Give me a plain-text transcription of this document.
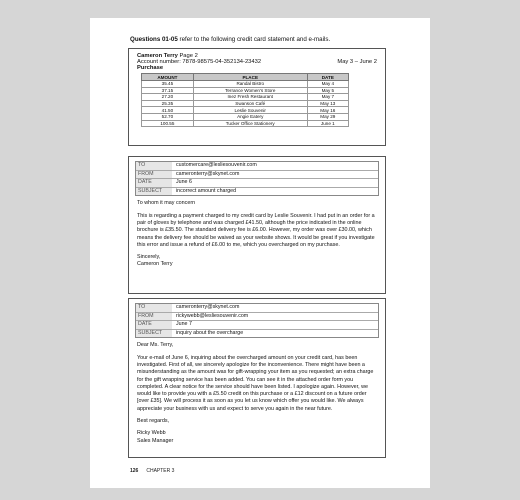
Questions 01-05 refer to the following credit card statement and e-mails.
Cameron Terry Page 2
Account number: 7878-98575-04-352134-23432	May 3 – June 2
Purchase
AMOUNT	PLACE	DATE
35.45	Randal Bistro	May 4
37.15	Terrance Women's Store	May 5
27.20	Inez Fresh Restaurant	May 7
25.35	Swanson Café	May 13
41.50	Leslie Souvenir	May 16
52.70	Angie Eatery	May 29
100.55	Tucker Office Stationery	June 1
TO	customercare@lesliesouvenir.com
FROM	cameronterry@skynet.com
DATE	June 6
SUBJECT	incorrect amount charged

To whom it may concern

This is regarding a payment charged to my credit card by Leslie Souvenir. I had put in an order for a pair of gloves by telephone and was charged £41.50, although the price indicated in the online brochure is £35.50. The standard delivery fee is £6.00. However, my order was over £30.00, which means the delivery fee should be waived as your website shows. It would be great if you investigate this error and issue a refund of £6.00 to me, which you overcharged on my purchase.

Sincerely,
Cameron Terry
TO	cameronterry@skynet.com
FROM	rickywebb@lesliesouvenir.com
DATE	June 7
SUBJECT	inquiry about the overcharge

Dear Ms. Terry,

Your e-mail of June 6, inquiring about the overcharged amount on your credit card, has been investigated. First of all, we sincerely apologize for the inconvenience. There might have been a misunderstanding as the amount was for gift-wrapping your item as you requested; an extra charge for the gift wrapping service has been added. You can see it in the attached order form you completed. A clear notice for the service should have been listed. I apologize again. However, we would like to provide you with a £5.50 credit on this purchase or a £12 discount on a future order [over £35]. We will process it as soon as you let us know which offer you would like. We always appreciate your business with us and expect to serve you again in the near future.

Best regards,

Ricky Webb
Sales Manager
126 CHAPTER 3
